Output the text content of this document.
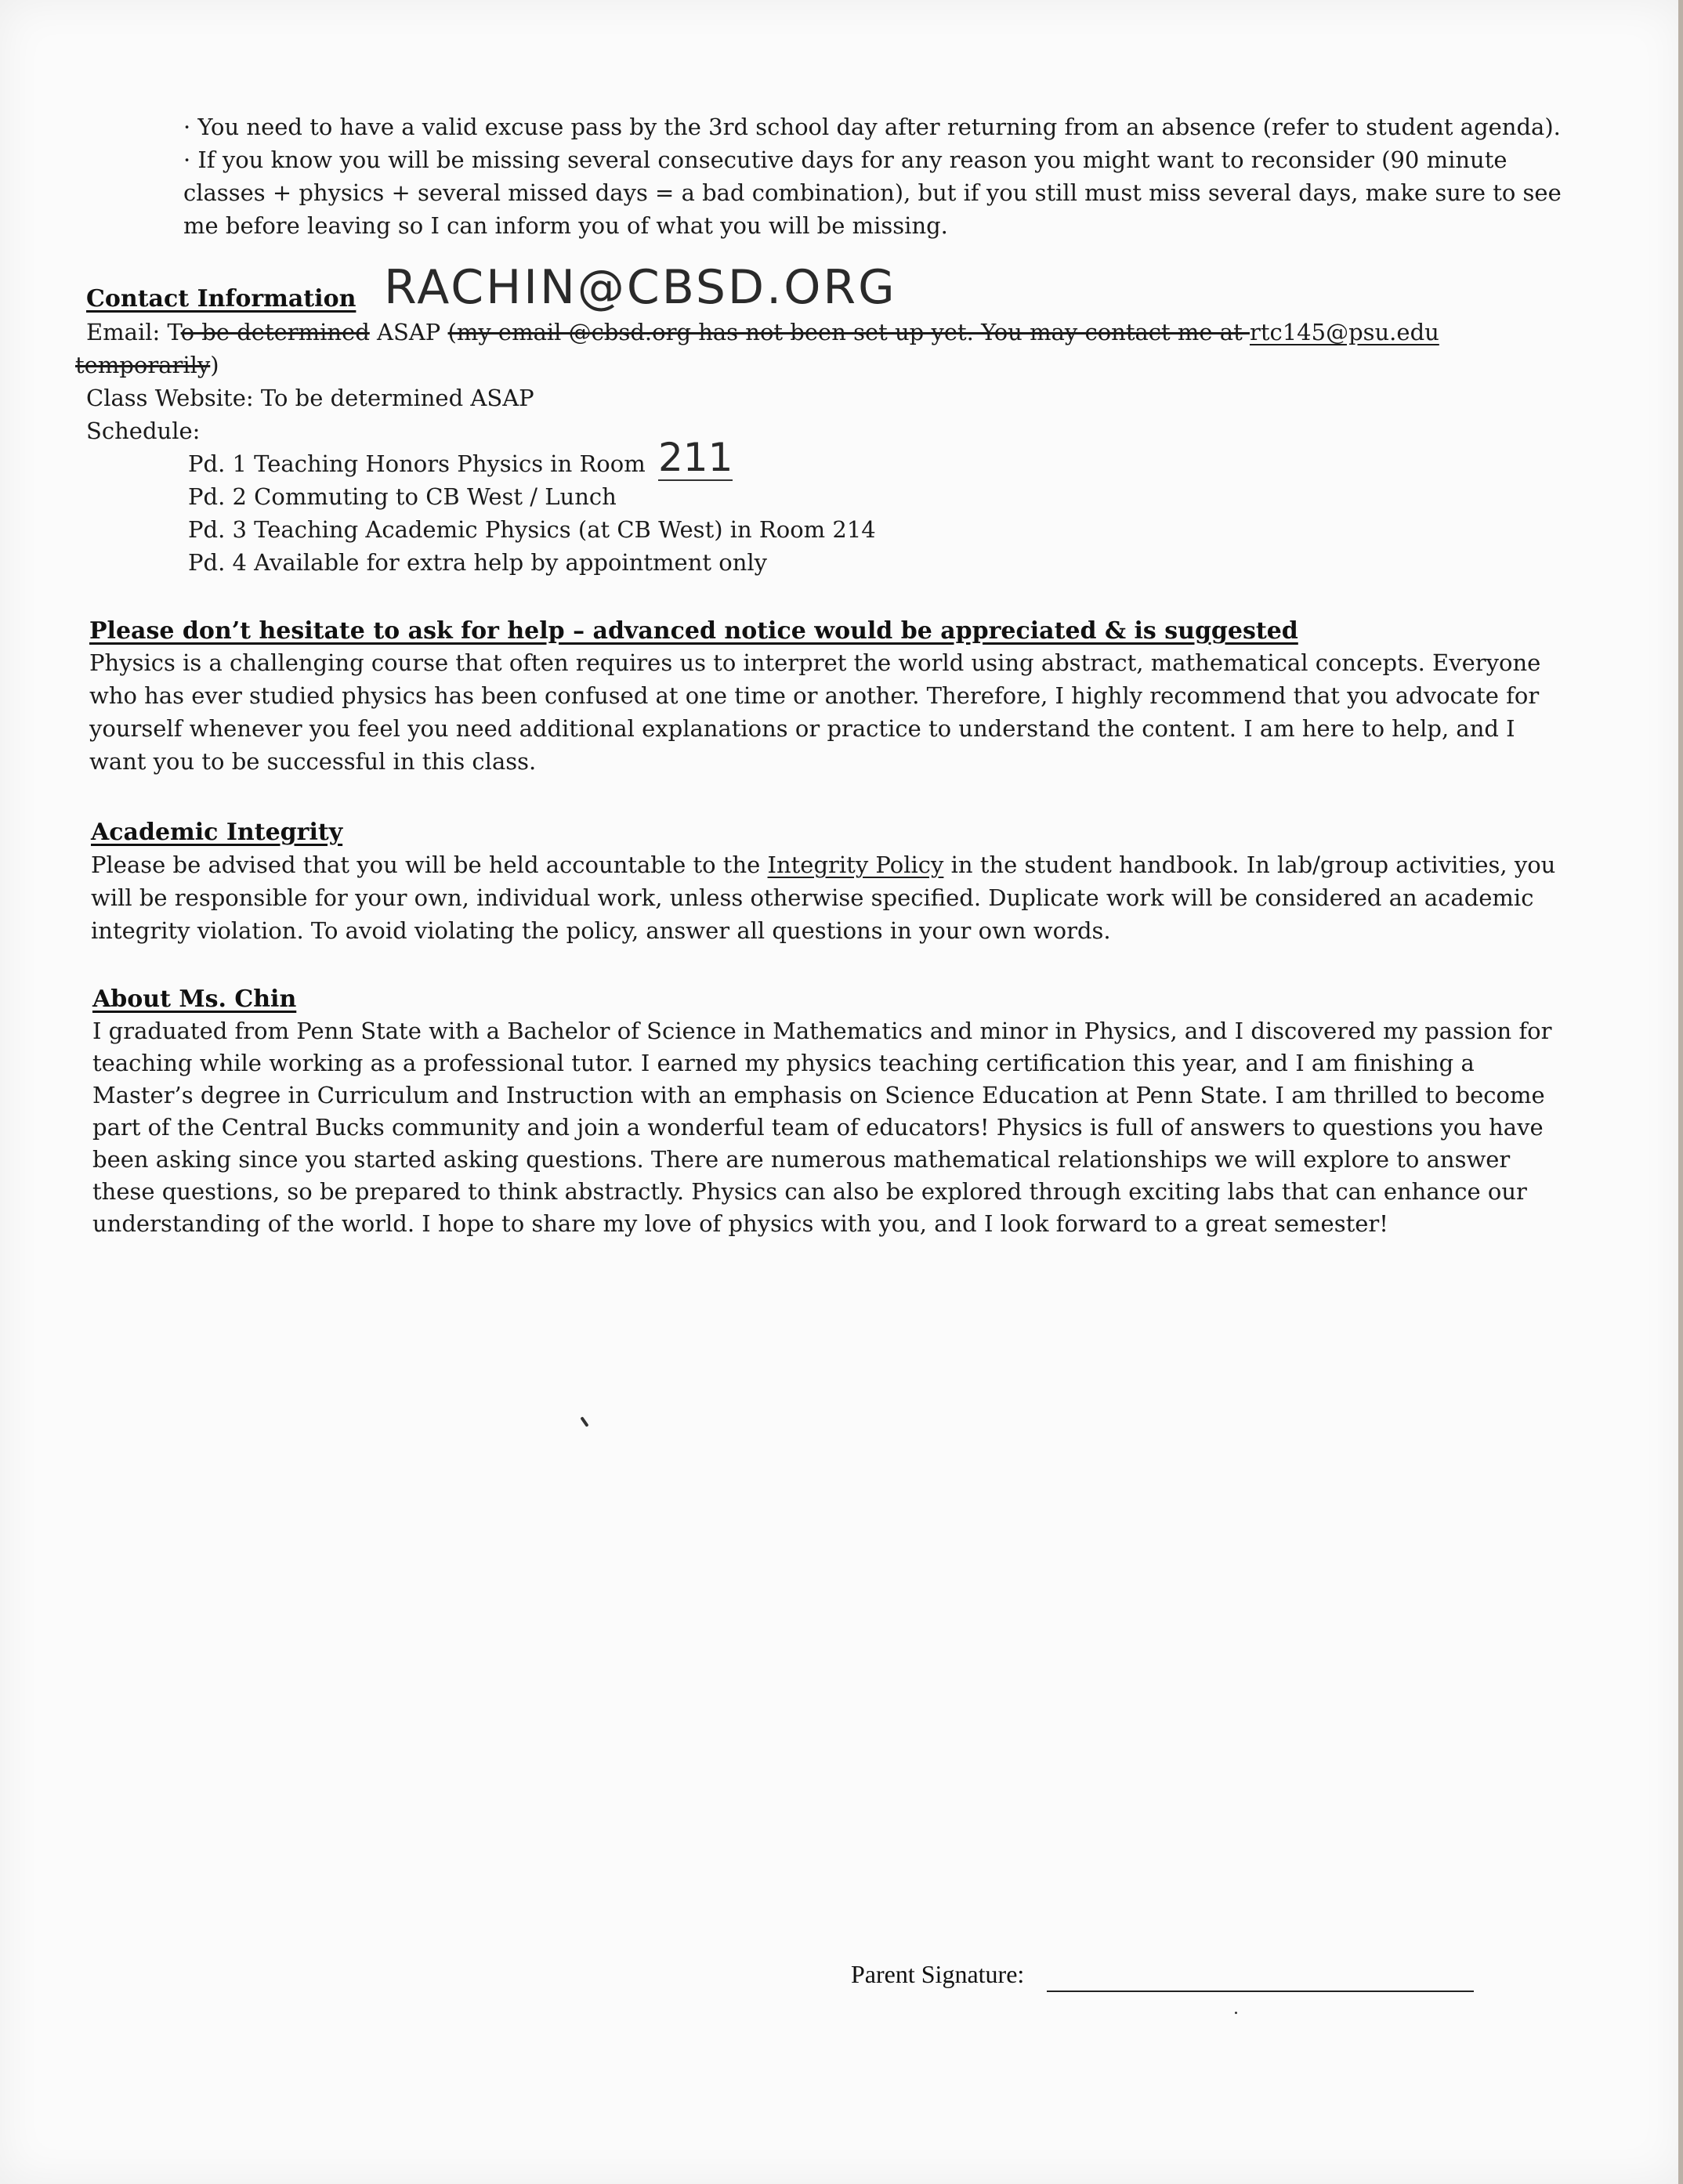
· You need to have a valid excuse pass by the 3rd school day after returning from an absence (refer to student agenda).
· If you know you will be missing several consecutive days for any reason you might want to reconsider (90 minute
classes + physics + several missed days = a bad combination), but if you still must miss several days, make sure to see
me before leaving so I can inform you of what you will be missing.
Contact Information RACHIN@CBSD.ORG
Email: To be determined ASAP (my email @cbsd.org has not been set up yet. You may contact me at rtc145@psu.edu
temporarily)
Class Website: To be determined ASAP
Schedule:
Pd. 1 Teaching Honors Physics in Room 211
Pd. 2 Commuting to CB West / Lunch
Pd. 3 Teaching Academic Physics (at CB West) in Room 214
Pd. 4 Available for extra help by appointment only
Please don’t hesitate to ask for help – advanced notice would be appreciated & is suggested
Physics is a challenging course that often requires us to interpret the world using abstract, mathematical concepts. Everyone
who has ever studied physics has been confused at one time or another. Therefore, I highly recommend that you advocate for
yourself whenever you feel you need additional explanations or practice to understand the content. I am here to help, and I
want you to be successful in this class.
Academic Integrity
Please be advised that you will be held accountable to the Integrity Policy in the student handbook. In lab/group activities, you
will be responsible for your own, individual work, unless otherwise specified. Duplicate work will be considered an academic
integrity violation. To avoid violating the policy, answer all questions in your own words.
About Ms. Chin
I graduated from Penn State with a Bachelor of Science in Mathematics and minor in Physics, and I discovered my passion for
teaching while working as a professional tutor. I earned my physics teaching certification this year, and I am finishing a
Master’s degree in Curriculum and Instruction with an emphasis on Science Education at Penn State. I am thrilled to become
part of the Central Bucks community and join a wonderful team of educators! Physics is full of answers to questions you have
been asking since you started asking questions. There are numerous mathematical relationships we will explore to answer
these questions, so be prepared to think abstractly. Physics can also be explored through exciting labs that can enhance our
understanding of the world. I hope to share my love of physics with you, and I look forward to a great semester!
Parent Signature:
